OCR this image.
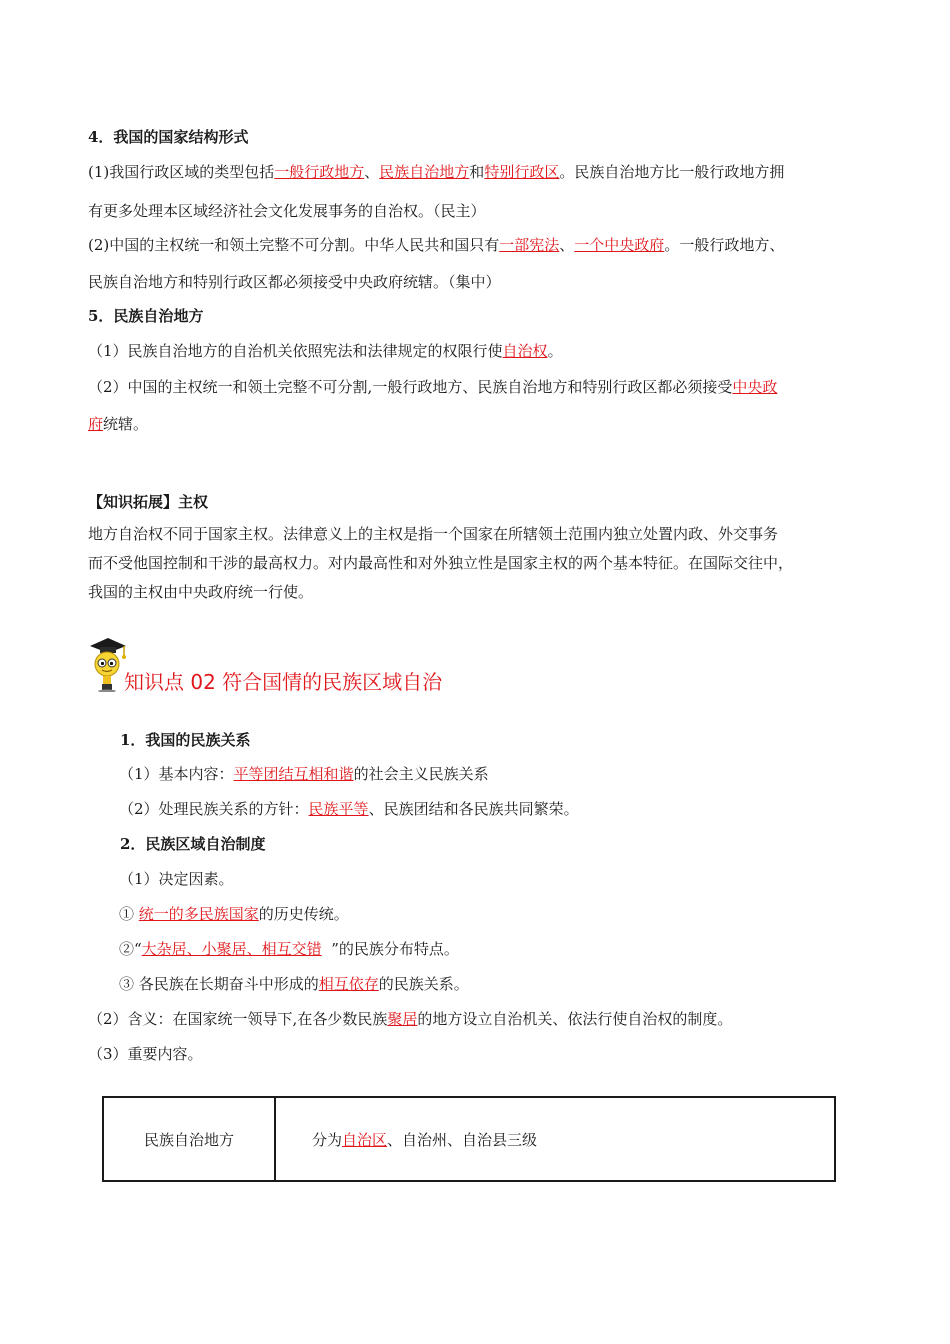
4．我国的国家结构形式
(1)我国行政区域的类型包括一般行政地方、民族自治地方和特别行政区。民族自治地方比一般行政地方拥
有更多处理本区域经济社会文化发展事务的自治权。（民主）
(2)中国的主权统一和领土完整不可分割。中华人民共和国只有一部宪法、一个中央政府。一般行政地方、
民族自治地方和特别行政区都必须接受中央政府统辖。（集中）
5．民族自治地方
（1）民族自治地方的自治机关依照宪法和法律规定的权限行使自治权。
（2）中国的主权统一和领土完整不可分割,一般行政地方、民族自治地方和特别行政区都必须接受中央政
府统辖。
【知识拓展】主权
地方自治权不同于国家主权。法律意义上的主权是指一个国家在所辖领土范围内独立处置内政、外交事务
而不受他国控制和干涉的最高权力。对内最高性和对外独立性是国家主权的两个基本特征。在国际交往中，
我国的主权由中央政府统一行使。
知识点 02 符合国情的民族区域自治
1．我国的民族关系
（1）基本内容：平等团结互相和谐的社会主义民族关系
（2）处理民族关系的方针：民族平等、民族团结和各民族共同繁荣。
2．民族区域自治制度
（1）决定因素。
① 统一的多民族国家的历史传统。
②“大杂居、小聚居、相互交错  ”的民族分布特点。
③ 各民族在长期奋斗中形成的相互依存的民族关系。
（2）含义：在国家统一领导下,在各少数民族聚居的地方设立自治机关、依法行使自治权的制度。
（3）重要内容。
民族自治地方	分为自治区、自治州、自治县三级
